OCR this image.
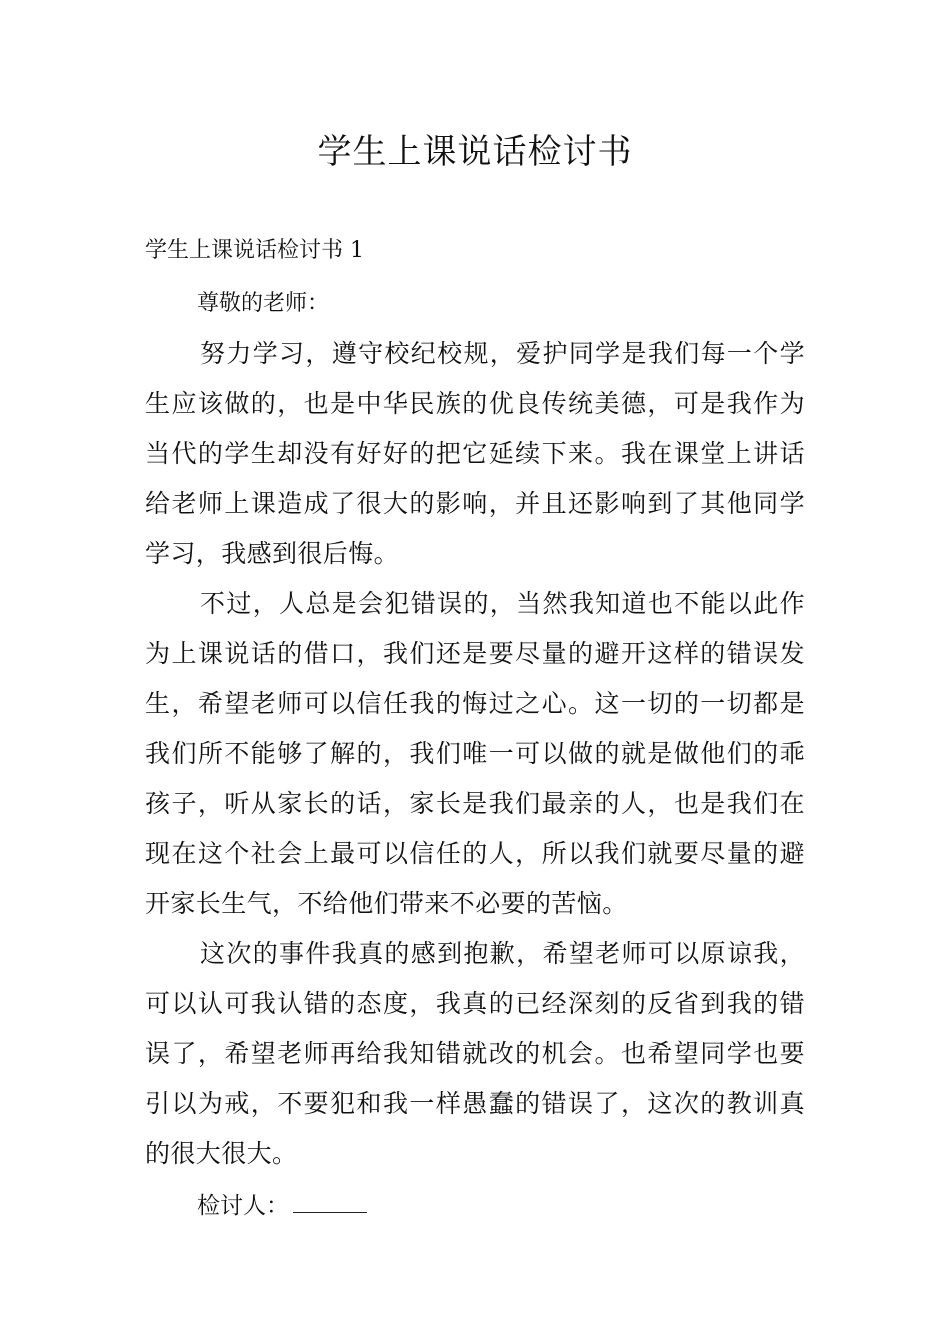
学生上课说话检讨书

学生上课说话检讨书 1

尊敬的老师：

努力学习，遵守校纪校规，爱护同学是我们每一个学生应该做的，也是中华民族的优良传统美德，可是我作为当代的学生却没有好好的把它延续下来。我在课堂上讲话给老师上课造成了很大的影响，并且还影响到了其他同学学习，我感到很后悔。

不过，人总是会犯错误的，当然我知道也不能以此作为上课说话的借口，我们还是要尽量的避开这样的错误发生，希望老师可以信任我的悔过之心。这一切的一切都是我们所不能够了解的，我们唯一可以做的就是做他们的乖孩子，听从家长的话，家长是我们最亲的人，也是我们在现在这个社会上最可以信任的人，所以我们就要尽量的避开家长生气，不给他们带来不必要的苦恼。

这次的事件我真的感到抱歉，希望老师可以原谅我，可以认可我认错的态度，我真的已经深刻的反省到我的错误了，希望老师再给我知错就改的机会。也希望同学也要引以为戒，不要犯和我一样愚蠢的错误了，这次的教训真的很大很大。

检讨人：
